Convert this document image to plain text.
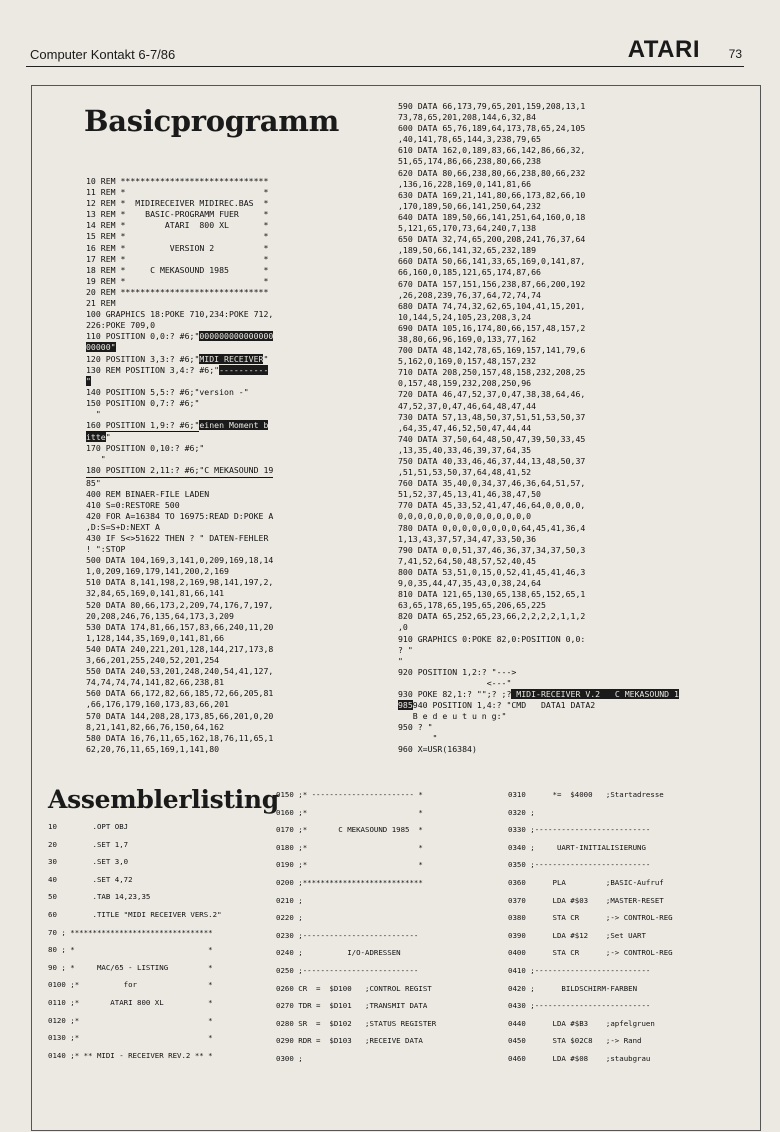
Computer Kontakt 6-7/86	ATARI 73
Basicprogramm
10 REM ******************************
11 REM *                            *
12 REM *  MIDIRECEIVER MIDIREC.BAS  *
13 REM *    BASIC-PROGRAMM FUER     *
14 REM *        ATARI  800 XL       *
15 REM *                            *
16 REM *         VERSION 2          *
17 REM *                            *
18 REM *     C MEKASOUND 1985       *
19 REM *                            *
20 REM ******************************
21 REM
100 GRAPHICS 18:POKE 710,234:POKE 712,
226:POKE 709,0
110 POSITION 0,0:? #6;"000000000000000
00000"
120 POSITION 3,3:? #6;"MIDI RECEIVER"
130 REM POSITION 3,4:? #6;"----------
"
140 POSITION 5,5:? #6;"version -"
150 POSITION 0,7:? #6;"
"
160 POSITION 1,9:? #6;"einen Moment b
itte"
170 POSITION 0,10:? #6;"
"
180 POSITION 2,11:? #6;"C MEKASOUND 19
85"
400 REM BINAER-FILE LADEN
410 S=0:RESTORE 500
420 FOR A=16384 TO 16975:READ D:POKE A
,D:S=S+D:NEXT A
430 IF S<>51622 THEN ? " DATEN-FEHLER
! ":STOP
500 DATA 104,169,3,141,0,209,169,18,14
1,0,209,169,179,141,200,2,169
510 DATA 8,141,198,2,169,98,141,197,2,
32,84,65,169,0,141,81,66,141
520 DATA 80,66,173,2,209,74,176,7,197,
20,208,246,76,135,64,173,3,209
530 DATA 174,81,66,157,83,66,240,11,20
1,128,144,35,169,0,141,81,66
540 DATA 240,221,201,128,144,217,173,8
3,66,201,255,240,52,201,254
550 DATA 240,53,201,248,240,54,41,127,
74,74,74,74,141,82,66,238,81
560 DATA 66,172,82,66,185,72,66,205,81
,66,176,179,160,173,83,66,201
570 DATA 144,208,28,173,85,66,201,0,20
8,21,141,82,66,76,150,64,162
580 DATA 16,76,11,65,162,18,76,11,65,1
62,20,76,11,65,169,1,141,80

590 DATA 66,173,79,65,201,159,208,13,1
73,78,65,201,208,144,6,32,84
600 DATA 65,76,189,64,173,78,65,24,105
,40,141,78,65,144,3,238,79,65
610 DATA 162,0,189,83,66,142,86,66,32,
51,65,174,86,66,238,80,66,238
620 DATA 80,66,238,80,66,238,80,66,232
,136,16,228,169,0,141,81,66
630 DATA 169,21,141,80,66,173,82,66,10
,170,189,50,66,141,250,64,232
640 DATA 189,50,66,141,251,64,160,0,18
5,121,65,170,73,64,240,7,138
650 DATA 32,74,65,200,208,241,76,37,64
,189,50,66,141,32,65,232,189
660 DATA 50,66,141,33,65,169,0,141,87,
66,160,0,185,121,65,174,87,66
670 DATA 157,151,156,238,87,66,200,192
,26,208,239,76,37,64,72,74,74
680 DATA 74,74,32,62,65,104,41,15,201,
10,144,5,24,105,23,208,3,24
690 DATA 105,16,174,80,66,157,48,157,2
38,80,66,96,169,0,133,77,162
700 DATA 48,142,78,65,169,157,141,79,6
5,162,0,169,0,157,48,157,232
710 DATA 208,250,157,48,158,232,208,25
0,157,48,159,232,208,250,96
720 DATA 46,47,52,37,0,47,38,38,64,46,
47,52,37,0,47,46,64,48,47,44
730 DATA 57,13,48,50,37,51,51,53,50,37
,64,35,47,46,52,50,47,44,44
740 DATA 37,50,64,48,50,47,39,50,33,45
,13,35,40,33,46,39,37,64,35
750 DATA 40,33,46,46,37,44,13,48,50,37
,51,51,53,50,37,64,48,41,52
760 DATA 35,40,0,34,37,46,36,64,51,57,
51,52,37,45,13,41,46,38,47,50
770 DATA 45,33,52,41,47,46,64,0,0,0,0,
0,0,0,0,0,0,0,0,0,0,0,0,0,0
780 DATA 0,0,0,0,0,0,0,0,64,45,41,36,4
1,13,43,37,57,34,47,33,50,36
790 DATA 0,0,51,37,46,36,37,34,37,50,3
7,41,52,64,50,48,57,52,40,45
800 DATA 53,51,0,15,0,52,41,45,41,46,3
9,0,35,44,47,35,43,0,38,24,64
810 DATA 121,65,130,65,138,65,152,65,1
63,65,178,65,195,65,206,65,225
820 DATA 65,252,65,23,66,2,2,2,2,1,1,2
,0
910 GRAPHICS 0:POKE 82,0:POSITION 0,0:
? "
"
920 POSITION 1,2:? "--->
<---"
930 POKE 82,1:? "";? ;? MIDI-RECEIVER V.2   C MEKASOUND 1
985940 POSITION 1,4:? "CMD   DATA1 DATA2
B e d e u t u n g:"
950 ? "
"
960 X=USR(16384)

Assemblerlisting
10        .OPT OBJ
20        .SET 1,7
30        .SET 3,0
40        .SET 4,72
50        .TAB 14,23,35
60        .TITLE "MIDI RECEIVER VERS.2"
70 ; ********************************
80 ; *                              *
90 ; *     MAC/65 - LISTING         *
0100 ;*          for                *
0110 ;*       ATARI 800 XL          *
0120 ;*                             *
0130 ;*                             *
0140 ;* ** MIDI - RECEIVER REV.2 ** *
0150 ;* ----------------------- *
0160 ;*                         *
0170 ;*       C MEKASOUND 1985  *
0180 ;*                         *
0190 ;*                         *
0200 ;***************************
0210 ;
0220 ;
0230 ;--------------------------
0240 ;          I/O-ADRESSEN
0250 ;--------------------------
0260 CR  =  $D100   ;CONTROL REGIST
0270 TDR =  $D101   ;TRANSMIT DATA
0280 SR  =  $D102   ;STATUS REGISTER
0290 RDR =  $D103   ;RECEIVE DATA
0300 ;
0310      *=  $4000   ;Startadresse
0320 ;
0330 ;--------------------------
0340 ;     UART-INITIALISIERUNG
0350 ;--------------------------
0360      PLA         ;BASIC-Aufruf
0370      LDA #$03    ;MASTER-RESET
0380      STA CR      ;-> CONTROL-REG
0390      LDA #$12    ;Set UART
0400      STA CR      ;-> CONTROL-REG
0410 ;--------------------------
0420 ;      BILDSCHIRM-FARBEN
0430 ;--------------------------
0440      LDA #$B3    ;apfelgruen
0450      STA $02C8   ;-> Rand
0460      LDA #$08    ;staubgrau
